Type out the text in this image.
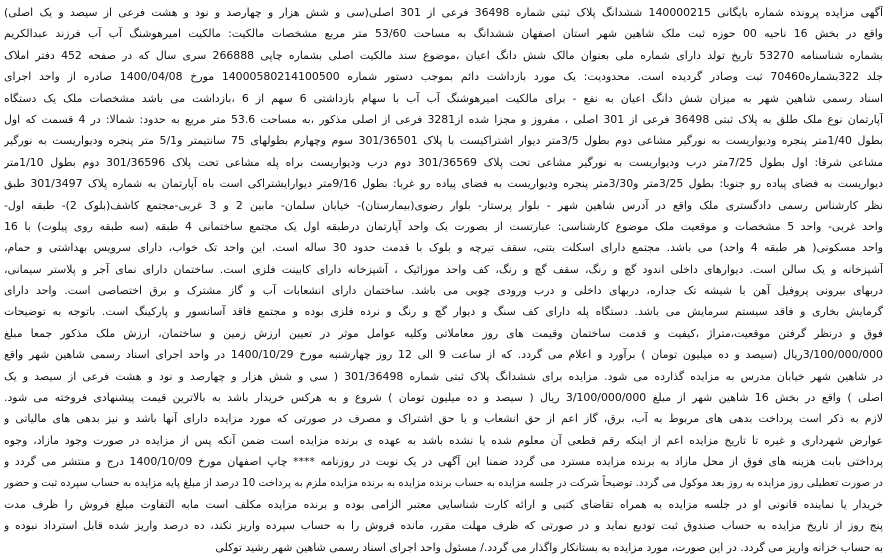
آگهی مزایده پرونده شماره بایگانی 140000215 ششدانگ پلاک ثبتی شماره 36498 فرعی از 301 اصلی(سی و شش هزار و چهارصد و نود و هشت فرعی از سیصد و یک اصلی)
واقع در بخش 16 ناحیه 00 حوزه ثبت ملک شاهین شهر استان اصفهان ششدانگ به مساحت 53/60 متر مربع مشخصات مالکیت: مالکیت امیرهوشنگ آب آب فرزند عبدالکریم
بشماره شناسنامه 53270 تاریخ تولد دارای شماره ملی بعنوان مالک شش دانگ اعیان ،موضوع سند مالکیت اصلی بشماره چاپی 266888 سری سال که در صفحه 452 دفتر املاک
جلد 322بشماره70460 ثبت وصادر گردیده است. محدودیت: یک مورد بازداشت دائم بموجب دستور شماره 14000580214100500 مورخ 1400/04/08 صادره از واحد اجرای
اسناد رسمی شاهین شهر به میزان شش دانگ اعیان به نفع - برای مالکیت امیرهوشنگ آب آب با سهام بازداشتی 6 سهم از 6 ،بازداشت می باشد مشخصات ملک یک دستگاه
آپارتمان نوع ملک طلق به پلاک ثبتی 36498 فرعی از 301 اصلی ، مفروز و مجزا شده از3281 فرعی از اصلی مذکور ،به مساحت 53.6 متر مربع به حدود: شمالا: در 4 قسمت که اول
بطول 1/40متر پنجره ودیواریست به نورگیر مشاعی دوم بطول 3/5متر دیوار اشتراکیست با پلاک 301/36501 سوم وچهارم بطولهای 75 سانتیمتر و5/1 متر پنجره ودیواریست به نورگیر
مشاعی شرقا: اول بطول 7/25متر درب ودیواریست به نورگیر مشاعی تحت پلاک 301/36569 دوم درب ودیواریست براه پله مشاعی تحت پلاک 301/36596 دوم بطول 1/10متر
دیواریست به فضای پیاده رو جنوبا: بطول 3/25متر و3/30متر پنجره ودیواریست به فضای پیاده رو غربا: بطول 9/16متر دیوارایشتراکی است باه آپارتمان به شماره پلاک 301/3497 طبق
نظر کارشناس رسمی دادگستری ملک واقع در آدرس شاهین شهر - بلوار پرستار- بلوار رضوی(بیمارستان)- خیابان سلمان- مابین 2 و 3 غربی-مجتمع کاشف(بلوک 2)- طبقه اول-
واحد غربی- واحد 5 مشخصات و موقعیت ملک موضوع کارشناسی: عبارتست از بصورت یک واحد آپارتمان درطبقه اول یک مجتمع ساختمانی 4 طبقه (سه طبقه روی پیلوت) با 16
واحد مسکونی( هر طبقه 4 واحد) می باشد. مجتمع دارای اسکلت بتنی، سقف تیرچه و بلوک با قدمت حدود 30 ساله است. این واحد تک خواب، دارای سرویس بهداشتی و حمام،
آشپزخانه و یک سالن است. دیوارهای داخلی اندود گچ و رنگ، سقف گچ و رنگ، کف واحد موزائیک ، آشپزخانه دارای کابینت فلزی است. ساختمان دارای نمای آجر و پلاستر سیمانی،
دربهای بیرونی پروفیل آهن با شیشه تک جداره، دربهای داخلی و درب ورودی چوبی می باشد. ساختمان دارای انشعابات آب و گاز مشترک و برق اختصاصی است. واحد دارای
گرمایش بخاری و فاقد سیستم سرمایش می باشد. دستگاه پله دارای کف سنگ و دیوار گچ و رنگ و نرده فلزی بوده و مجتمع فاقد آسانسور و پارکینگ است. باتوجه به توضیحات
فوق و درنظر گرفتن موقعیت،متراژ ،کیفیت و قدمت ساختمان وقیمت های روز معاملاتی وکلیه عوامل موثر در تعیین ارزش زمین و ساختمان، ارزش ملک مذکور جمعا مبلغ
3/100/000/000ریال (سیصد و ده میلیون تومان ) برآورد و اعلام می گردد. که از ساعت 9 الی 12 روز چهارشنبه مورخ 1400/10/29 در واحد اجرای اسناد رسمی شاهین شهر واقع
در شاهین شهر خیابان مدرس به مزایده گذارده می شود. مزایده برای ششدانگ پلاک ثبتی شماره 301/36498 ( سی و شش هزار و چهارصد و نود و هشت فرعی از سیصد و یک
اصلی ) واقع در بخش 16 شاهین شهر از مبلغ 3/100/000/000 ریال ( سیصد و ده میلیون تومان ) شروع و به هرکس خریدار باشد به بالاترین قیمت پیشنهادی فروخته می شود.
لازم به ذکر است پرداخت بدهی های مربوط به آب، برق، گاز اعم از حق انشعاب و یا حق اشتراک و مصرف در صورتی که مورد مزایده دارای آنها باشد و نیز بدهی های مالیاتی و
عوارض شهرداری و غیره تا تاریخ مزایده اعم از اینکه رقم قطعی آن معلوم شده یا نشده باشد به عهده ی برنده مزایده است ضمن آنکه پس از مزایده در صورت وجود مازاد، وجوه
پرداختی بابت هزینه های فوق از محل مازاد به برنده مزایده مسترد می گردد ضمنا این آگهی در یک نوبت در روزنامه **** چاپ اصفهان مورخ 1400/10/09 درج و منتشر می گردد و
در صورت تعطیلی روز مزایده به روز بعد موکول می گردد. توضیحاً شرکت در جلسه مزایده به حساب برنده مزایده به برنده مزایده ملزم به پرداخت 10 درصد از مبلغ پایه مزایده به حساب سپرده ثبت و حضور
خریدار یا نماینده قانونی او در جلسه مزایده به همراه تقاضای کتبی و ارائه کارت شناسایی معتبر الزامی بوده و برنده مزایده مکلف است مابه التفاوت مبلغ فروش را ظرف مدت
پنج روز از تاریخ مزایده به حساب صندوق ثبت تودیع نماید و در صورتی که ظرف مهلت مقرر، مانده فروش را به حساب سپرده واریز نکند، ده درصد واریز شده قابل استرداد نبوده و
به حساب خزانه واریز می گردد. در این صورت، مورد مزایده به بستانکار واگذار می گردد./ مسئول واحد اجرای اسناد رسمی شاهین شهر رشید توکلی
